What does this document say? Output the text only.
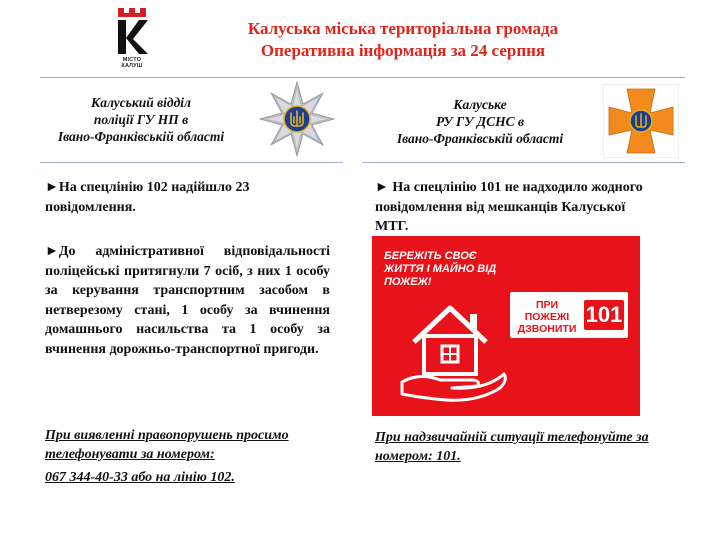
МІСТО
КАЛУШ
Калуська міська територіальна громада
Оперативна інформація за 24 серпня
Калуський відділ
поліції ГУ НП в
Івано-Франківській області
►На спецлінію 102 надійшло 23 повідомлення.
►До адміністративної відповідальності поліцейські притягнули 7 осіб, з них 1 особу за керування транспортним засобом в нетверезому стані, 1 особу за вчинення домашнього насильства та 1 особу за вчинення дорожньо-транспортної пригоди.
При виявленні правопорушень просимо телефонувати за номером:
067 344-40-33 або на лінію 102.
Калуське
РУ ГУ ДСНС в
Івано-Франківській області
► На спецлінію 101 не надходило жодного повідомлення від мешканців Калуської МТГ.
БЕРЕЖІТЬ СВОЄ ЖИТТЯ І МАЙНО ВІД ПОЖЕЖ!
ПРИ ПОЖЕЖІ ДЗВОНИТИ
101
При надзвичайній ситуації телефонуйте за номером: 101.
